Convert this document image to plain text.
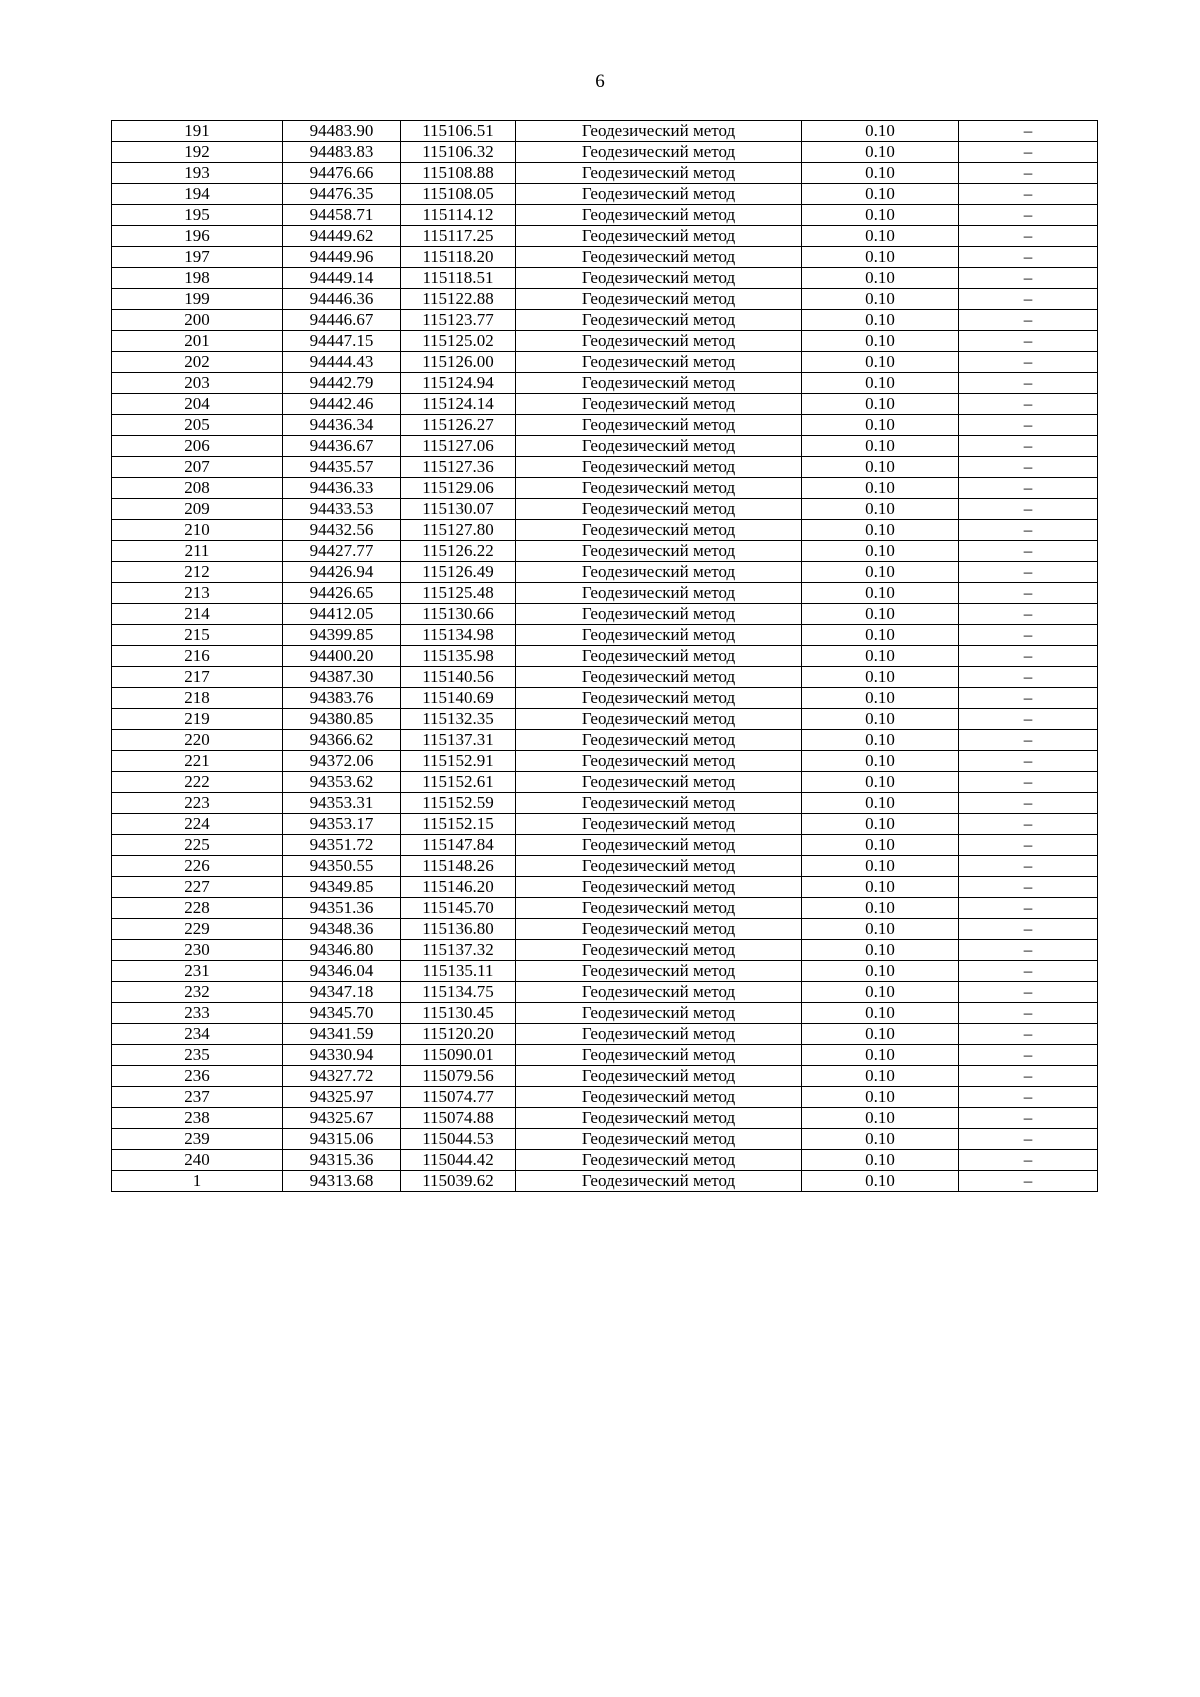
6
191	94483.90	115106.51	Геодезический метод	0.10	–
192	94483.83	115106.32	Геодезический метод	0.10	–
193	94476.66	115108.88	Геодезический метод	0.10	–
194	94476.35	115108.05	Геодезический метод	0.10	–
195	94458.71	115114.12	Геодезический метод	0.10	–
196	94449.62	115117.25	Геодезический метод	0.10	–
197	94449.96	115118.20	Геодезический метод	0.10	–
198	94449.14	115118.51	Геодезический метод	0.10	–
199	94446.36	115122.88	Геодезический метод	0.10	–
200	94446.67	115123.77	Геодезический метод	0.10	–
201	94447.15	115125.02	Геодезический метод	0.10	–
202	94444.43	115126.00	Геодезический метод	0.10	–
203	94442.79	115124.94	Геодезический метод	0.10	–
204	94442.46	115124.14	Геодезический метод	0.10	–
205	94436.34	115126.27	Геодезический метод	0.10	–
206	94436.67	115127.06	Геодезический метод	0.10	–
207	94435.57	115127.36	Геодезический метод	0.10	–
208	94436.33	115129.06	Геодезический метод	0.10	–
209	94433.53	115130.07	Геодезический метод	0.10	–
210	94432.56	115127.80	Геодезический метод	0.10	–
211	94427.77	115126.22	Геодезический метод	0.10	–
212	94426.94	115126.49	Геодезический метод	0.10	–
213	94426.65	115125.48	Геодезический метод	0.10	–
214	94412.05	115130.66	Геодезический метод	0.10	–
215	94399.85	115134.98	Геодезический метод	0.10	–
216	94400.20	115135.98	Геодезический метод	0.10	–
217	94387.30	115140.56	Геодезический метод	0.10	–
218	94383.76	115140.69	Геодезический метод	0.10	–
219	94380.85	115132.35	Геодезический метод	0.10	–
220	94366.62	115137.31	Геодезический метод	0.10	–
221	94372.06	115152.91	Геодезический метод	0.10	–
222	94353.62	115152.61	Геодезический метод	0.10	–
223	94353.31	115152.59	Геодезический метод	0.10	–
224	94353.17	115152.15	Геодезический метод	0.10	–
225	94351.72	115147.84	Геодезический метод	0.10	–
226	94350.55	115148.26	Геодезический метод	0.10	–
227	94349.85	115146.20	Геодезический метод	0.10	–
228	94351.36	115145.70	Геодезический метод	0.10	–
229	94348.36	115136.80	Геодезический метод	0.10	–
230	94346.80	115137.32	Геодезический метод	0.10	–
231	94346.04	115135.11	Геодезический метод	0.10	–
232	94347.18	115134.75	Геодезический метод	0.10	–
233	94345.70	115130.45	Геодезический метод	0.10	–
234	94341.59	115120.20	Геодезический метод	0.10	–
235	94330.94	115090.01	Геодезический метод	0.10	–
236	94327.72	115079.56	Геодезический метод	0.10	–
237	94325.97	115074.77	Геодезический метод	0.10	–
238	94325.67	115074.88	Геодезический метод	0.10	–
239	94315.06	115044.53	Геодезический метод	0.10	–
240	94315.36	115044.42	Геодезический метод	0.10	–
1	94313.68	115039.62	Геодезический метод	0.10	–
